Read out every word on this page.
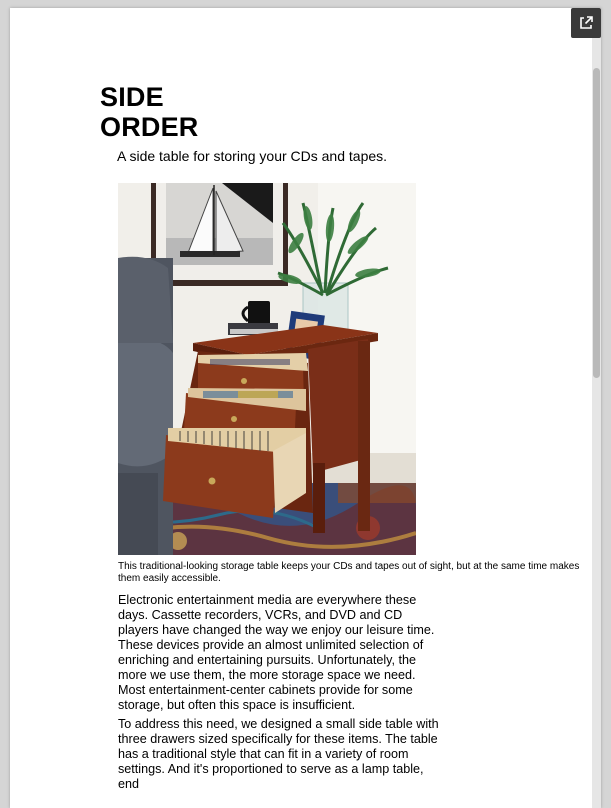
SIDE
ORDER
A side table for storing your CDs and tapes.
This traditional-looking storage table keeps your CDs and tapes out of sight, but at the same time makes them easily accessible.

Electronic entertainment media are everywhere these days. Cassette recorders, VCRs, and DVD and CD players have changed the way we enjoy our leisure time. These devices provide an almost unlimited selection of enriching and entertaining pursuits. Unfortunately, the more we use them, the more storage space we need. Most entertainment-center cabinets provide for some storage, but often this space is insufficient.

To address this need, we designed a small side table with three drawers sized specifically for these items. The table has a traditional style that can fit in a variety of room settings. And it's proportioned to serve as a lamp table, end
